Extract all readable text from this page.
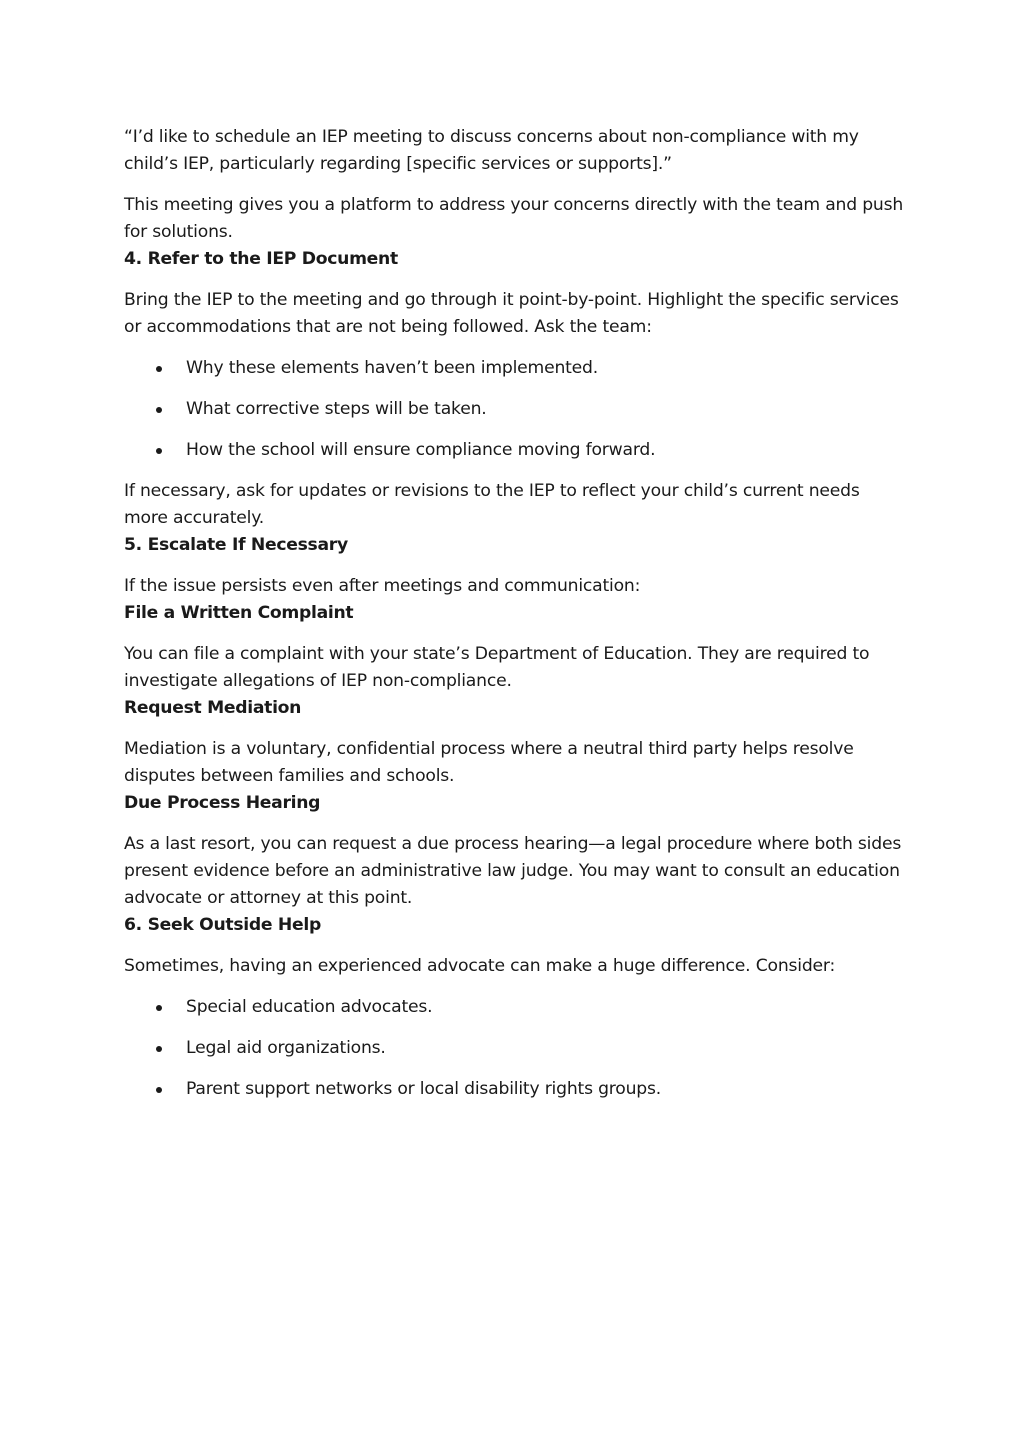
“I’d like to schedule an IEP meeting to discuss concerns about non-compliance with my child’s IEP, particularly regarding [specific services or supports].”

This meeting gives you a platform to address your concerns directly with the team and push for solutions.

4. Refer to the IEP Document

Bring the IEP to the meeting and go through it point-by-point. Highlight the specific services or accommodations that are not being followed. Ask the team:

Why these elements haven’t been implemented.
What corrective steps will be taken.
How the school will ensure compliance moving forward.

If necessary, ask for updates or revisions to the IEP to reflect your child’s current needs more accurately.

5. Escalate If Necessary

If the issue persists even after meetings and communication:

File a Written Complaint

You can file a complaint with your state’s Department of Education. They are required to investigate allegations of IEP non-compliance.

Request Mediation

Mediation is a voluntary, confidential process where a neutral third party helps resolve disputes between families and schools.

Due Process Hearing

As a last resort, you can request a due process hearing—a legal procedure where both sides present evidence before an administrative law judge. You may want to consult an education advocate or attorney at this point.

6. Seek Outside Help

Sometimes, having an experienced advocate can make a huge difference. Consider:

Special education advocates.
Legal aid organizations.
Parent support networks or local disability rights groups.
